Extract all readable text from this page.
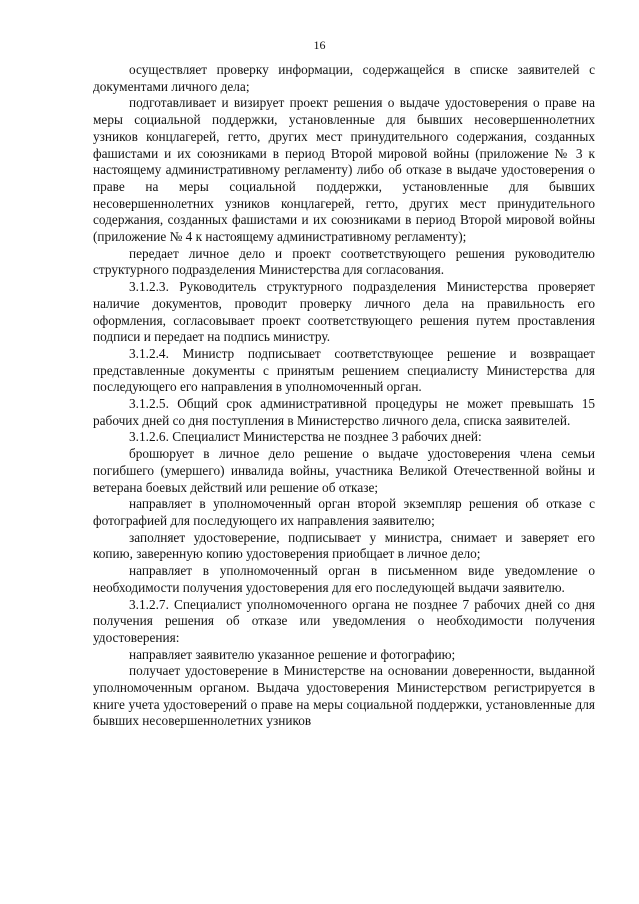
16

осуществляет проверку информации, содержащейся в списке заявителей с документами личного дела;

подготавливает и визирует проект решения о выдаче удостоверения о праве на меры социальной поддержки, установленные для бывших несовершеннолетних узников концлагерей, гетто, других мест принудительного содержания, созданных фашистами и их союзниками в период Второй мировой войны (приложение № 3 к настоящему административному регламенту) либо об отказе в выдаче удостоверения о праве на меры социальной поддержки, установленные для бывших несовершеннолетних узников концлагерей, гетто, других мест принудительного содержания, созданных фашистами и их союзниками в период Второй мировой войны (приложение № 4 к настоящему административному регламенту);

передает личное дело и проект соответствующего решения руководителю структурного подразделения Министерства для согласования.

3.1.2.3. Руководитель структурного подразделения Министерства проверяет наличие документов, проводит проверку личного дела на правильность его оформления, согласовывает проект соответствующего решения путем проставления подписи и передает на подпись министру.

3.1.2.4. Министр подписывает соответствующее решение и возвращает представленные документы с принятым решением специалисту Министерства для последующего его направления в уполномоченный орган.

3.1.2.5. Общий срок административной процедуры не может превышать 15 рабочих дней со дня поступления в Министерство личного дела, списка заявителей.

3.1.2.6. Специалист Министерства не позднее 3 рабочих дней:

брошюрует в личное дело решение о выдаче удостоверения члена семьи погибшего (умершего) инвалида войны, участника Великой Отечественной войны и ветерана боевых действий или решение об отказе;

направляет в уполномоченный орган второй экземпляр решения об отказе с фотографией для последующего их направления заявителю;

заполняет удостоверение, подписывает у министра, снимает и заверяет его копию, заверенную копию удостоверения приобщает в личное дело;

направляет в уполномоченный орган в письменном виде уведомление о необходимости получения удостоверения для его последующей выдачи заявителю.

3.1.2.7. Специалист уполномоченного органа не позднее 7 рабочих дней со дня получения решения об отказе или уведомления о необходимости получения удостоверения:

направляет заявителю указанное решение и фотографию;

получает удостоверение в Министерстве на основании доверенности, выданной уполномоченным органом. Выдача удостоверения Министерством регистрируется в книге учета удостоверений о праве на меры социальной поддержки, установленные для бывших несовершеннолетних узников
